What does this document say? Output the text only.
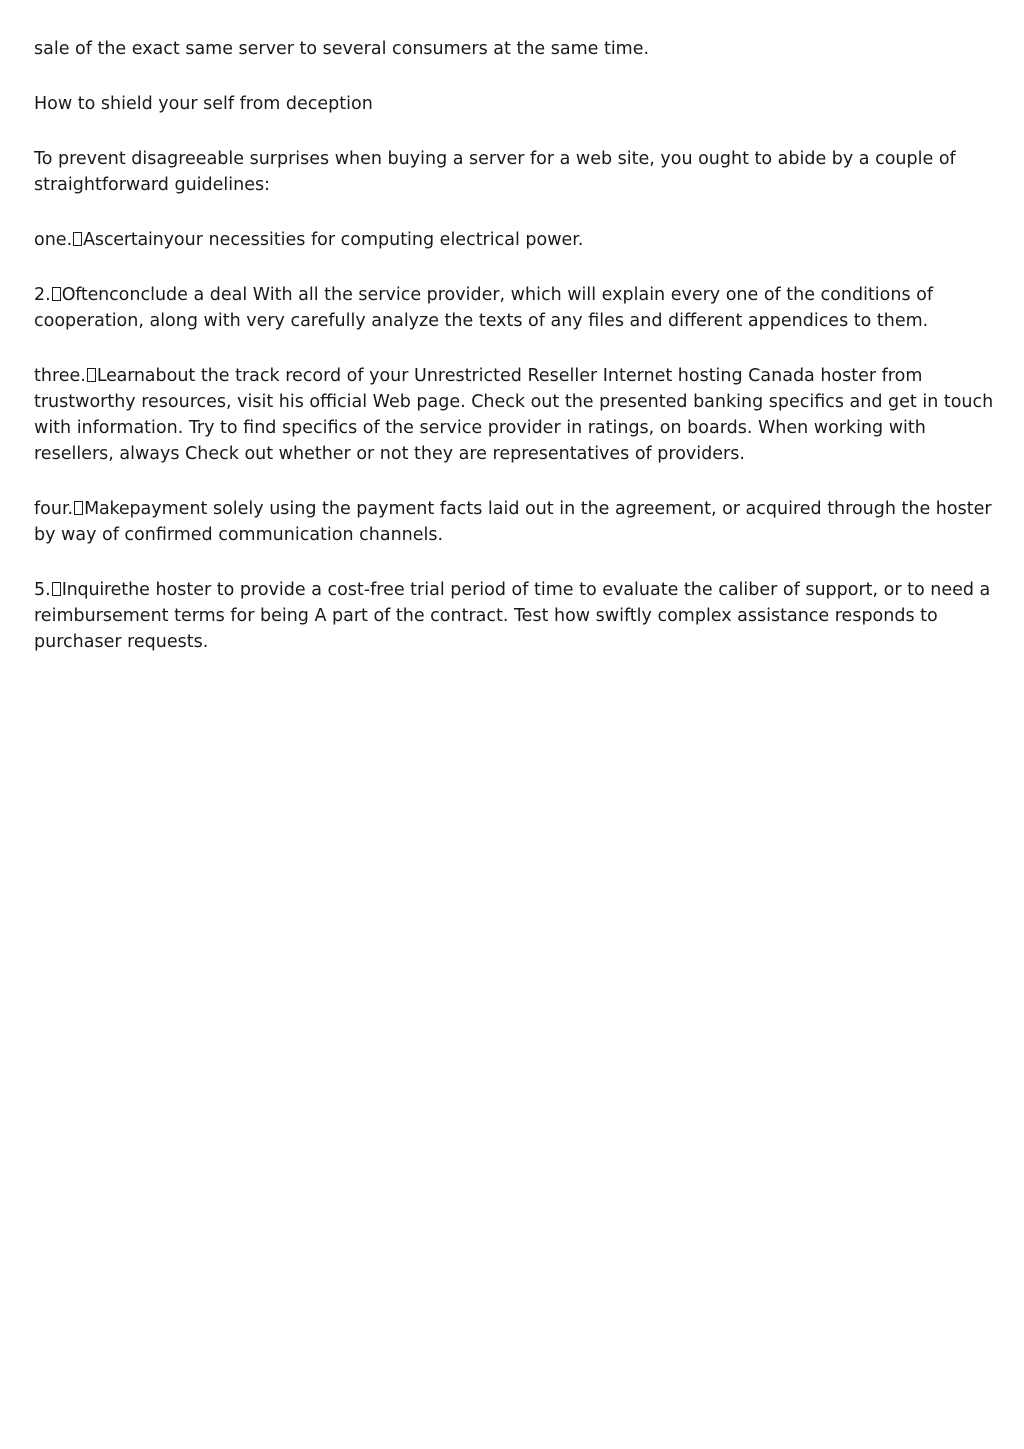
sale of the exact same server to several consumers at the same time.

How to shield your self from deception

To prevent disagreeable surprises when buying a server for a web site, you ought to abide by a couple of straightforward guidelines:

one. Ascertainyour necessities for computing electrical power.

2. Oftenconclude a deal With all the service provider, which will explain every one of the conditions of cooperation, along with very carefully analyze the texts of any files and different appendices to them.

three. Learnabout the track record of your Unrestricted Reseller Internet hosting Canada hoster from trustworthy resources, visit his official Web page. Check out the presented banking specifics and get in touch with information. Try to find specifics of the service provider in ratings, on boards. When working with resellers, always Check out whether or not they are representatives of providers.

four. Makepayment solely using the payment facts laid out in the agreement, or acquired through the hoster by way of confirmed communication channels.

5. Inquirethe hoster to provide a cost-free trial period of time to evaluate the caliber of support, or to need a reimbursement terms for being A part of the contract. Test how swiftly complex assistance responds to purchaser requests.
